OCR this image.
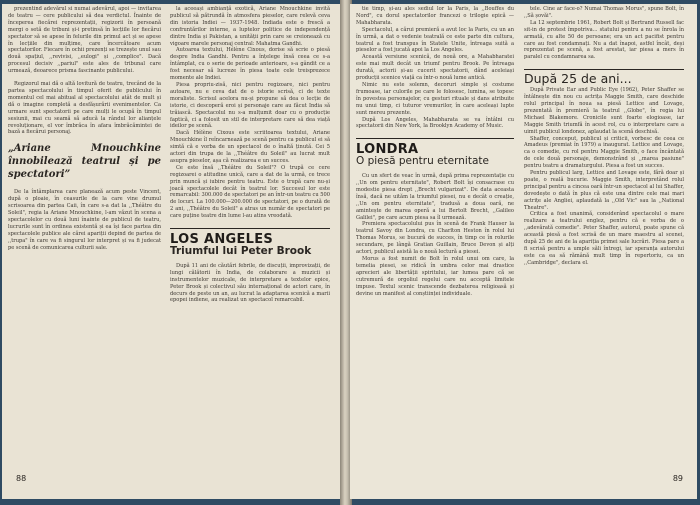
prezentind adevărul si numai adevărul, apoi — invitarea de teatru — cere publicului să dea verdictul. Înainte de începerea fiecărei reprezentații, regizorii în persoană mergi o setă de tribuni și-i pretinsă în lecțiile lor fiecărui spectator să se apese în felurile din primul act și se apese în lecțiile din mulțime, care încercătoare acum spectatorilor. Fiecare în ochii prezenți se trezește unul sau două spațiul, ,,revivisi, ,,eulogi" și ,,complice". Dacă procesul decisiv ,,pariul" este ales de tribunal care urmează, deoarece prisma fascinante publicului.

Regizorul mai dă o altă lovitură de teatru, trecând de la partea spectacolului în timpul oferit de publicului în momentul cel mai abitual al spectacolului atât de mult și dă o imagine completă a desfășurării evenimentelor. Ca urmare sunt spectatorii pe care mulți le ocupă în timpul sesiunii, mai cu seamă să aducă la rândul lor alianțele revoluționare, el vor îmbrăca în afara îmbrăcămintei de bază a fiecărui personaj.

„Ariane Mnouchkine înnobilează teatrul și pe spectatori”

De la întâmplarea care planează acum peste Vincent, după o ploaie, în ceasurile de la care vine drumul scrisoarea din partea Caii, în care s-a dat la ,,Théâtre du Soleil", regia la Ariane Mnouchkine, l-am văzut în scena a spectacolelor cu două luni înainte de publicul de teatru, lucrurile sunt în ordinea existentă și ea își face partea din spectacolele publice ale cărei apariții depind de partea de ,,trupa" în care va fi singurul lor interpret și va fi judecat pe scenă de comunicarea culturii sale.

la aceeași ambianță exotică, Ariane Mnouchkine invită publicul să pătrundă în atmosfera pieselor, care relevă ceva din istoria Indiei — 1937-1948. Indiada este o frescă a confruntărilor interne, a luptelor politice de independență dintre India și Pakistan, a unității prin care se creionează cu vigoare marele personaj central: Mahatma Gandhi.

Autoarea textului, Hélène Cixous, dorise să scrie o piesă despre India Gandhi. Pentru a înțelege însă ceea ce s-a întâmplat, cu o serie de perioade anterioare, s-a gândit ce a fost necesar să lucreze în piesa toate cele treisprezece momente ale Indiei.

Piesa propriu-zisă, nici pentru regizoare, nici pentru autoare, nu e ceva dat de o istorie scrisă, ci de texte moraliste. Scrisul acelora nu-și propune să dea o lecție de istorie, ci descoperă eroi și personaje care au făcut India să trăiască. Spectacolul nu s-a mulțumit doar cu o producție faptică, ci a folosit un stil de interpretare care să dea viață ideilor pe scenă.

Dacă Hélène Cixous este scriitoarea textului, Ariane Mnouchkine îl reîncarnează pe scenă pentru ca publicul ei să simtă că e vorba de un spectacol de o înaltă ținută. Cei 5 actori din trupa de la ,,Théâtre du Soleil" au lucrat mult asupra pieselor, așa că realizarea e un succes.

Ce este însă ,,Théâtre du Soleil"? O trupă ce cere regizoarei o atitudine unică, care a dat de la urmă, ce trece prin muncă și iubire pentru teatru. Este o trupă care nu-și joacă spectacolele decât în teatrul lor. Succesul lor este remarcabil: 300.000 de spectatori pe an într-un teatru cu 500 de locuri. La 100.000—200.000 de spectatori, pe o durată de 2 ani, ,,Théâtre du Soleil" a atras un număr de spectatori pe care puține teatre din lume l-au atins vreodată.

LOS ANGELES
Triumful lui Peter Brook

După 11 ani de căutări febrile, de discuții, improvizații, de lungi călătorii în India, de colaborare a muzicii și instrumentelor muzicale, de interpretare a textelor epice, Peter Brook și colectivul său internațional de actori care, în decurs de peste un an, au lucrat la adaptarea scenică a marii epopei indiene, au realizat un spectacol remarcabil.

88

tie timp, și-au ales sediul lor la Paris, la ,,Bouffes du Nord", cu dorul spectatorilor francezi o trilogie epică — Mahabharata.

Spectacolul, a cărui premieră a avut loc la Paris, cu un an în urmă, a dat o vedenie teatrală ce este parte din cultura, teatrul a fost transpus în Statele Unite, întreaga suită a pieselor a fost jucată apoi la Los Angeles.

Această versiune scenică, de nouă ore, a Mahabharatei este mai mult decât un triumf pentru Brook. Pe întreaga durată, actorii și-au cucerit spectatorii, dând aceleiași producții scenice viață ca într-o nouă lume antică.

Nimic nu este solemn, decoruri simple și costume frumoase, iar culorile pe care le folosesc, lumina, se topesc în povestea personajelor, cu gesturi rituale și dans atribuite nu unui timp, ci tuturor vremurilor, în care aceleași lupte sunt mereu prezente.

După Los Angeles, Mahabharata se va întâlni cu spectatorii din New York, la Brooklyn Academy of Music.

LONDRA
O piesă pentru eternitate

Cu un sfert de veac în urmă, după prima reprezentație cu ,,Un om pentru eternitate", Robert Bolt își consacrase cu modestie piesa drept ,,Brecht vulgarizat". De data aceasta însă, dacă ne uităm la triumful piesei, nu e decât o creație, ,,Un om pentru eternitate", tradusă a doua oară, ne amintește de marea operă a lui Bertolt Brecht, ,,Galileo Galilei", pe care acum piesa sa îl urmează.

Premiera spectacolului pus în scenă de Frank Hauser la teatrul Savoy din Londra, cu Charlton Heston în rolul lui Thomas Morus, se bucură de succes, în timp ce în rolurile secundare, pe lângă Gratian Guillain, Bruce Devon și alți actori, publicul asistă la o nouă lectură a piesei.

Morus a fost numit de Bolt în rolul unui om care, la temelia piesei, se ridică în umbra celor mai drastice aprecieri ale libertății spiritului, iar lumea pare că se cutremură de orgoliul regelui care nu acceptă limitele impuse. Textul scenic transcende dezbaterea religioasă și devine un manifest al conștiinței individuale.

tele. Cine ar face-o? Numai Thomas Morus", spune Bolt, în ,,Să șovăi".

La 12 septembrie 1961, Robert Bolt și Bertrand Russell fac sit-in de protest împotriva... statului pentru a nu se înrola în armată, cu alte 50 de persoane; era un act pacifist pentru care au fost condamnați. Nu a dat înapoi, astfel încât, deși reprezentat pe scenă, a fost arestat, iar piesa a mers în paralel cu condamnarea sa.

După 25 de ani...

După Private Ear and Public Eye (1962), Peter Shaffer se întâlnește din nou cu actrița Maggie Smith, care deschide rolul principal în noua sa piesă Lettice and Lovage, prezentată în premieră la teatrul ,,Globe", în regia lui Michael Blakemore. Cronicile sunt foarte elogioase, iar Maggie Smith triumfă în acest rol, cu o interpretare care a uimit publicul londonez, aplaudat la scenă deschisă.

Shaffer, conceput, publicul și criticii, vorbesc de ceea ce Amadeus (premiat în 1979) a inaugurat. Lettice and Lovage, ca o comedie, cu rol pentru Maggie Smith, o face încântată de cele două personaje, demonstrând și ,,marea pasiune" pentru teatru a dramaturgului. Piesa a fost un succes.

Pentru publicul larg, Lettice and Lovage este, fără doar și poate, o reală bucurie. Maggie Smith, interpretând rolul principal pentru a cincea oară într-un spectacol al lui Shaffer, dovedește o dată în plus că este una dintre cele mai mari actrițe ale Angliei, aplaudată la ,,Old Vic" sau la ,,National Theatre".

Critica a fost unanimă, considerând spectacolul o mare realizare a teatrului englez, pentru că e vorba de o ,,adevărată comedie". Peter Shaffer, autorul, poate spune că această piesă a fost scrisă de un mare maestru al scenei, după 25 de ani de la apariția primei sale lucrări. Piesa pare a fi scrisă pentru a umple săli întregi, iar speranța autorului este ca ea să rămână mult timp în repertoriu, ca un ,,Cambridge", declara el.

89
